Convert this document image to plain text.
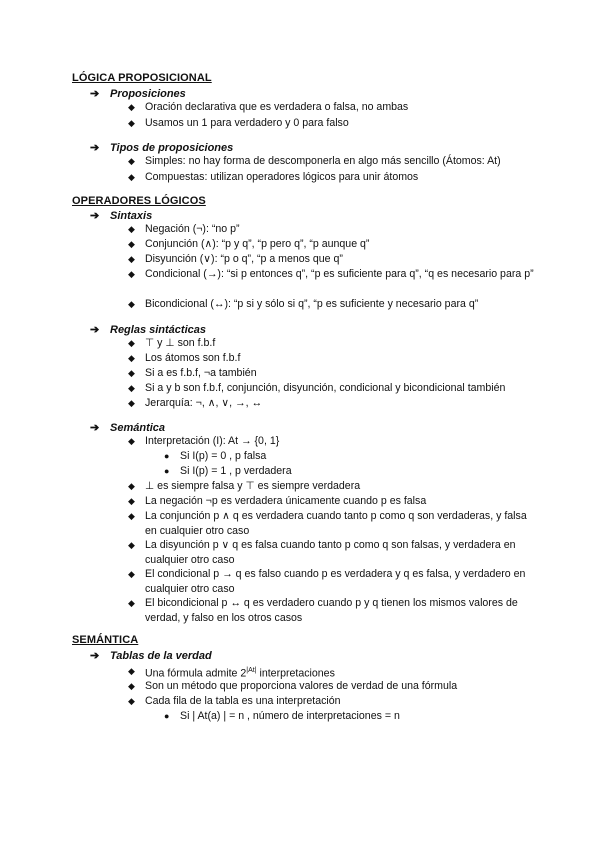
LÓGICA PROPOSICIONAL
➔ Proposiciones
◆ Oración declarativa que es verdadera o falsa, no ambas
◆ Usamos un 1 para verdadero y 0 para falso
➔ Tipos de proposiciones
◆ Simples: no hay forma de descomponerla en algo más sencillo (Átomos: At)
◆ Compuestas: utilizan operadores lógicos para unir átomos
OPERADORES LÓGICOS
➔ Sintaxis
◆ Negación (¬): “no p”
◆ Conjunción (∧): “p y q”, “p pero q”, “p aunque q”
◆ Disyunción (∨): “p o q”, “p a menos que q”
◆ Condicional (→): “si p entonces q”, “p es suficiente para q”, “q es necesario para p”
◆ Bicondicional (↔): “p si y sólo si q”, “p es suficiente y necesario para q”
➔ Reglas sintácticas
◆ ⊤ y ⊥ son f.b.f
◆ Los átomos son f.b.f
◆ Si a es f.b.f, ¬a también
◆ Si a y b son f.b.f, conjunción, disyunción, condicional y bicondicional también
◆ Jerarquía: ¬, ∧, ∨, →, ↔
➔ Semántica
◆ Interpretación (I): At → {0, 1}
● Si I(p) = 0 , p falsa
● Si I(p) = 1 , p verdadera
◆ ⊥ es siempre falsa y ⊤ es siempre verdadera
◆ La negación ¬p es verdadera únicamente cuando p es falsa
◆ La conjunción p ∧ q es verdadera cuando tanto p como q son verdaderas, y falsa en cualquier otro caso
◆ La disyunción p ∨ q es falsa cuando tanto p como q son falsas, y verdadera en cualquier otro caso
◆ El condicional p → q es falso cuando p es verdadera y q es falsa, y verdadero en cualquier otro caso
◆ El bicondicional p ↔ q es verdadero cuando p y q tienen los mismos valores de verdad, y falso en los otros casos
SEMÁNTICA
➔ Tablas de la verdad
◆ Una fórmula admite $2^{|At|}$ interpretaciones
◆ Son un método que proporciona valores de verdad de una fórmula
◆ Cada fila de la tabla es una interpretación
● Si | At(a) | = n , número de interpretaciones = n
